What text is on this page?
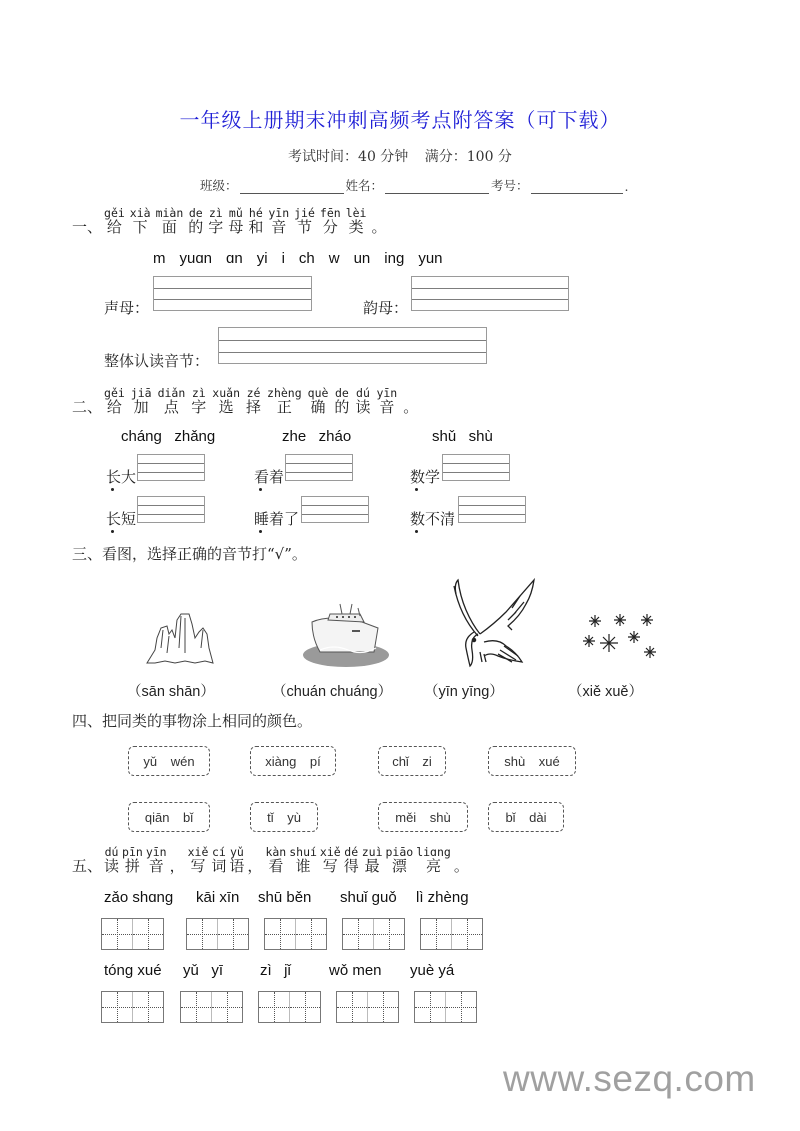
一年级上册期末冲刺高频考点附答案（可下载）
考试时间：40 分钟 满分：100 分
班级：	姓名：	考号：	.
一、
gěi
给
xià
下
miàn
面
de
的
zì
字
mǔ
母
hé
和
yīn
音
jié
节
fēn
分
lèi
类 。
m yuɑn ɑn yi i ch w un ing yun
声母：	韵母：
整体认读音节：
二、
gěi
给
jiā
加
diǎn
点
zì
字
xuǎn
选
zé
择
zhèng
正
què
确
de
的
dú
读
yīn
音 。
cháng   zhǎng	zhe   zháo	shǔ   shù
长大	看着	数学
长短	睡着了	数不清
三、看图，选择正确的音节打“√”。
（sān shān）	（chuán chuáng） （yīn yīng）	（xiě xuě）
四、把同类的事物涂上相同的颜色。
yǔ wén	xiàng pí	chǐ zi	shù xué
qiān bǐ	tǐ yù	měi shù	bǐ dài
五、
dú
读
pīn
拼
yīn
音 ，
xiě
写
cí
词
yǔ
语 ，
kàn
看
shuí
谁
xiě
写
dé
得
zuì
最
piāo
漂
liɑng
亮 。
zǎo shɑng kāi xīn shū běn shuǐ guǒ lì zhèng
tóng xué yǔ   yī zì   jǐ	wǒ men yuè yá
www.sezq.com
